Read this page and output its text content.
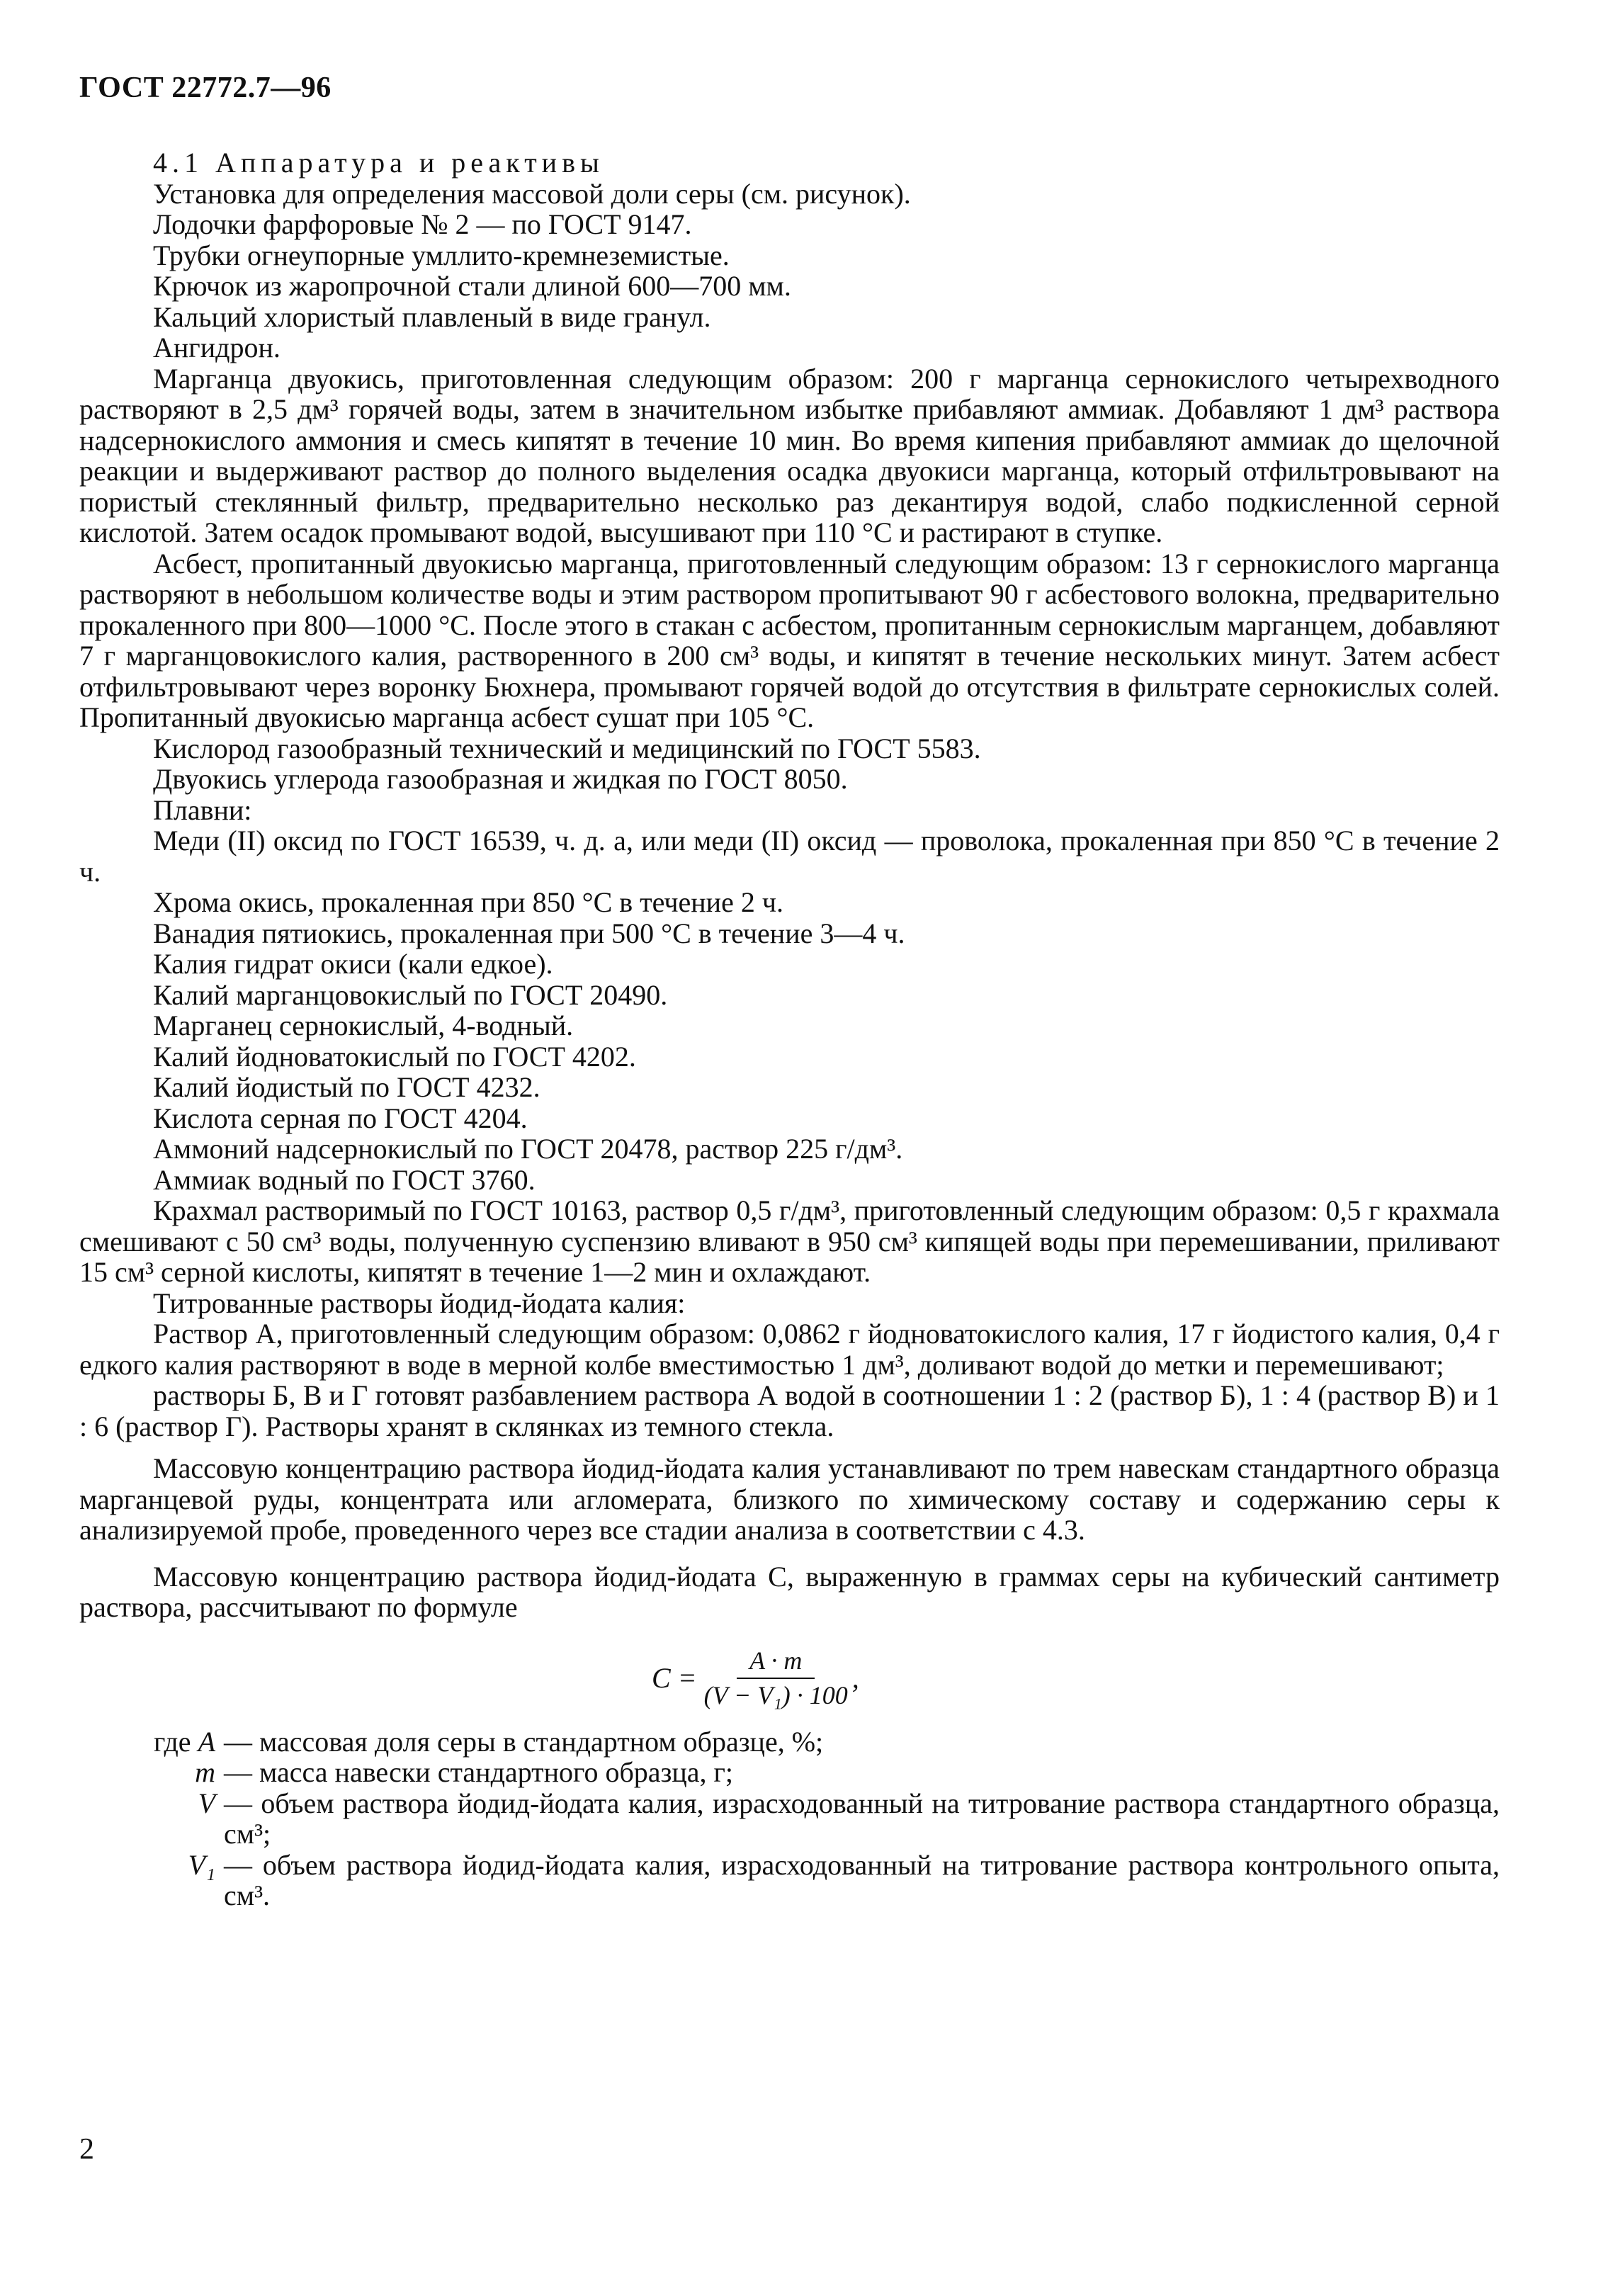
ГОСТ 22772.7—96

4.1 Аппаратура и реактивы

Установка для определения массовой доли серы (см. рисунок).

Лодочки фарфоровые № 2 — по ГОСТ 9147.

Трубки огнеупорные умллито-кремнеземистые.

Крючок из жаропрочной стали длиной 600—700 мм.

Кальций хлористый плавленый в виде гранул.

Ангидрон.

Марганца двуокись, приготовленная следующим образом: 200 г марганца сернокислого четырехводного растворяют в 2,5 дм³ горячей воды, затем в значительном избытке прибавляют аммиак. Добавляют 1 дм³ раствора надсернокислого аммония и смесь кипятят в течение 10 мин. Во время кипения прибавляют аммиак до щелочной реакции и выдерживают раствор до полного выделения осадка двуокиси марганца, который отфильтровывают на пористый стеклянный фильтр, предварительно несколько раз декантируя водой, слабо подкисленной серной кислотой. Затем осадок промывают водой, высушивают при 110 °С и растирают в ступке.

Асбест, пропитанный двуокисью марганца, приготовленный следующим образом: 13 г сернокислого марганца растворяют в небольшом количестве воды и этим раствором пропитывают 90 г асбестового волокна, предварительно прокаленного при 800—1000 °С. После этого в стакан с асбестом, пропитанным сернокислым марганцем, добавляют 7 г марганцовокислого калия, растворенного в 200 см³ воды, и кипятят в течение нескольких минут. Затем асбест отфильтровывают через воронку Бюхнера, промывают горячей водой до отсутствия в фильтрате сернокислых солей. Пропитанный двуокисью марганца асбест сушат при 105 °С.

Кислород газообразный технический и медицинский по ГОСТ 5583.

Двуокись углерода газообразная и жидкая по ГОСТ 8050.

Плавни:

Меди (II) оксид по ГОСТ 16539, ч. д. а, или меди (II) оксид — проволока, прокаленная при 850 °С в течение 2 ч.

Хрома окись, прокаленная при 850 °С в течение 2 ч.

Ванадия пятиокись, прокаленная при 500 °С в течение 3—4 ч.

Калия гидрат окиси (кали едкое).

Калий марганцовокислый по ГОСТ 20490.

Марганец сернокислый, 4-водный.

Калий йодноватокислый по ГОСТ 4202.

Калий йодистый по ГОСТ 4232.

Кислота серная по ГОСТ 4204.

Аммоний надсернокислый по ГОСТ 20478, раствор 225 г/дм³.

Аммиак водный по ГОСТ 3760.

Крахмал растворимый по ГОСТ 10163, раствор 0,5 г/дм³, приготовленный следующим образом: 0,5 г крахмала смешивают с 50 см³ воды, полученную суспензию вливают в 950 см³ кипящей воды при перемешивании, приливают 15 см³ серной кислоты, кипятят в течение 1—2 мин и охлаждают.

Титрованные растворы йодид-йодата калия:

Раствор А, приготовленный следующим образом: 0,0862 г йодноватокислого калия, 17 г йодистого калия, 0,4 г едкого калия растворяют в воде в мерной колбе вместимостью 1 дм³, доливают водой до метки и перемешивают;

растворы Б, В и Г готовят разбавлением раствора А водой в соотношении 1 : 2 (раствор Б), 1 : 4 (раствор В) и 1 : 6 (раствор Г). Растворы хранят в склянках из темного стекла.

Массовую концентрацию раствора йодид-йодата калия устанавливают по трем навескам стандартного образца марганцевой руды, концентрата или агломерата, близкого по химическому составу и содержанию серы к анализируемой пробе, проведенного через все стадии анализа в соответствии с 4.3.

Массовую концентрацию раствора йодид-йодата С, выраженную в граммах серы на кубический сантиметр раствора, рассчитывают по формуле

$C = \frac{A \cdot m}{\text{(V − V₁) · 100}}$ ,
где A — массовая доля серы в стандартном образце, %;
m — масса навески стандартного образца, г;
V — объем раствора йодид-йодата калия, израсходованный на титрование раствора стандартного образца, см³;
V₁ — объем раствора йодид-йодата калия, израсходованный на титрование раствора контрольного опыта, см³.
2
